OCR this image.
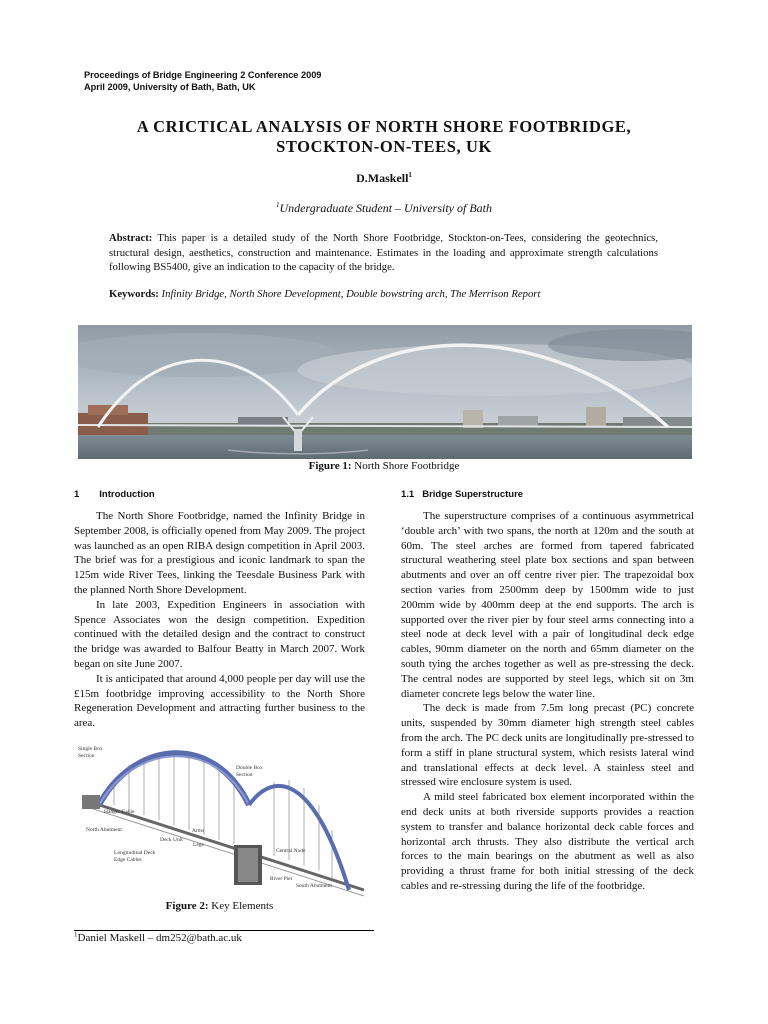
Proceedings of Bridge Engineering 2 Conference 2009
April 2009, University of Bath, Bath, UK
A CRICTICAL ANALYSIS OF NORTH SHORE FOOTBRIDGE,
STOCKTON-ON-TEES, UK
D.Maskell$^1$
$^1$Undergraduate Student – University of Bath
Abstract: This paper is a detailed study of the North Shore Footbridge, Stockton-on-Tees, considering the geotechnics, structural design, aesthetics, construction and maintenance. Estimates in the loading and approximate strength calculations following BS5400, give an indication to the capacity of the bridge.
Keywords: Infinity Bridge, North Shore Development, Double bowstring arch, The Merrison Report
Figure 1: North Shore Footbridge
1 Introduction

The North Shore Footbridge, named the Infinity Bridge in September 2008, is officially opened from May 2009. The project was launched as an open RIBA design competition in April 2003. The brief was for a prestigious and iconic landmark to span the 125m wide River Tees, linking the Teesdale Business Park with the planned North Shore Development.

In late 2003, Expedition Engineers in association with Spence Associates won the design competition. Expedition continued with the detailed design and the contract to construct the bridge was awarded to Balfour Beatty in March 2007. Work began on site June 2007.

It is anticipated that around 4,000 people per day will use the £15m footbridge improving accessibility to the North Shore Regeneration Development and attracting further business to the area.

Single Box
Section
Double Box
Section
Hanger Cable
North Abutment	Arms
Deck Unit
Legs
Central Node
Longitudinal Deck
Edge Cables
River Pier
South Abutment
Figure 2: Key Elements
$^1$Daniel Maskell – dm252@bath.ac.uk
1.1 Bridge Superstructure

The superstructure comprises of a continuous asymmetrical ‘double arch’ with two spans, the north at 120m and the south at 60m. The steel arches are formed from tapered fabricated structural weathering steel plate box sections and span between abutments and over an off centre river pier. The trapezoidal box section varies from 2500mm deep by 1500mm wide to just 200mm wide by 400mm deep at the end supports. The arch is supported over the river pier by four steel arms connecting into a steel node at deck level with a pair of longitudinal deck edge cables, 90mm diameter on the north and 65mm diameter on the south tying the arches together as well as pre-stressing the deck. The central nodes are supported by steel legs, which sit on 3m diameter concrete legs below the water line.

The deck is made from 7.5m long precast (PC) concrete units, suspended by 30mm diameter high strength steel cables from the arch. The PC deck units are longitudinally pre-stressed to form a stiff in plane structural system, which resists lateral wind and translational effects at deck level. A stainless steel and stressed wire enclosure system is used.

A mild steel fabricated box element incorporated within the end deck units at both riverside supports provides a reaction system to transfer and balance horizontal deck cable forces and horizontal arch thrusts. They also distribute the vertical arch forces to the main bearings on the abutment as well as also providing a thrust frame for both initial stressing of the deck cables and re-stressing during the life of the footbridge.
